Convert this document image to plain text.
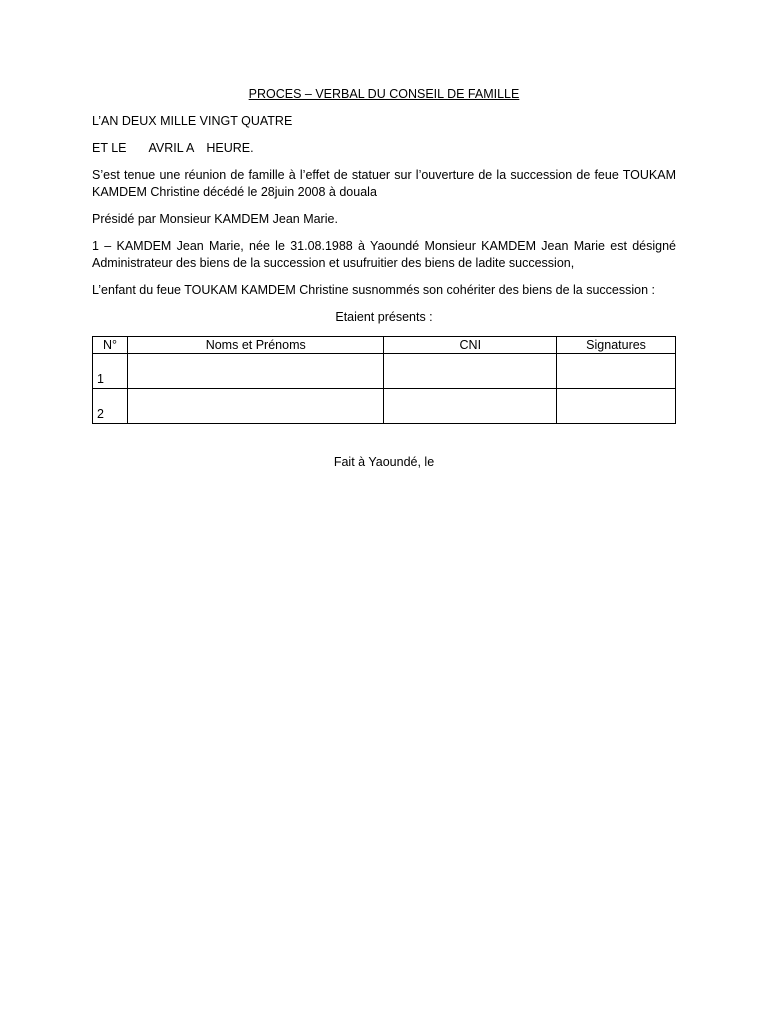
PROCES – VERBAL DU CONSEIL DE FAMILLE

L’AN DEUX MILLE VINGT QUATRE

ET LE AVRIL A HEURE.

S’est tenue une réunion de famille à l’effet de statuer sur l’ouverture de la succession de feue TOUKAM KAMDEM Christine décédé le 28juin 2008 à douala

Présidé par Monsieur KAMDEM Jean Marie.

1 – KAMDEM Jean Marie, née le 31.08.1988 à Yaoundé Monsieur KAMDEM Jean Marie est désigné Administrateur des biens de la succession et usufruitier des biens de ladite succession,

L’enfant du feue TOUKAM KAMDEM Christine susnommés son cohériter des biens de la succession :

Etaient présents :

N°	Noms et Prénoms	CNI	Signatures
1			
2			

Fait à Yaoundé, le
